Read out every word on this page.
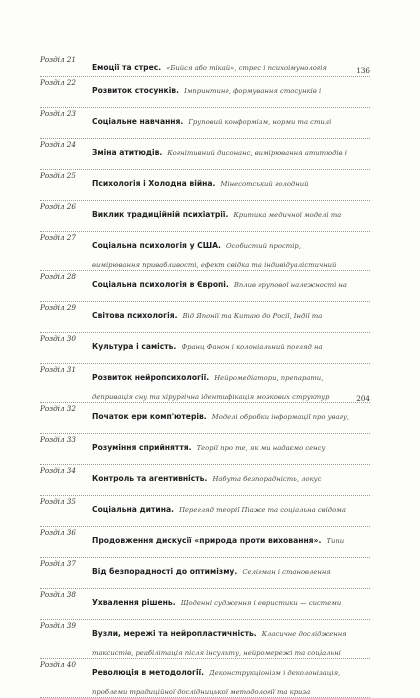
Розділ 21
Емоції та стрес. «Бийся або тікай», стрес і психоімунологія	136
Розділ 22
Розвиток стосунків. Імпринтинг, формування стосунків і
Розділ 23
Соціальне навчання. Груповий конформізм, норми та стилі
Розділ 24
Зміна атитюдів. Когнітивний дисонанс, вимірювання атитюдів і
Розділ 25
Психологія і Холодна війна. Мінесотський голодний
Розділ 26
Виклик традиційній психіатрії. Критика медичної моделі та
Розділ 27
Соціальна психологія у США. Особистий простір, вимірювання привабливості, ефект свідка та індивідуалістичний
Розділ 28
Соціальна психологія в Європі. Вплив групової належності на
Розділ 29
Світова психологія. Від Японії та Китаю до Росії, Індії та
Розділ 30
Культура і самість. Франц Фанон і колоніальний погляд на
Розділ 31
Розвиток нейропсихології. Нейромедіатори, препарати, депривація сну та хірургічна ідентифікація мозкових структур	204
Розділ 32
Початок ери комп'ютерів. Моделі обробки інформації про увагу,
Розділ 33
Розуміння сприйняття. Теорії про те, як ми надаємо сенсу
Розділ 34
Контроль та агентивність. Набута безпорадність, локус
Розділ 35
Соціальна дитина. Перегляд теорії Піаже та соціальна свідома
Розділ 36
Продовження дискусії «природа проти виховання». Типи
Розділ 37
Від безпорадності до оптимізму. Селігман і становлення
Розділ 38
Ухвалення рішень. Щоденні судження і евристики — системи
Розділ 39
Вузли, мережі та нейропластичність. Класичне дослідження таксистів, реабілітація після інсульту, нейромережі та соціальні
Розділ 40
Революція в методології. Деконструкціонізм і деколонізація, проблеми традиційної дослідницької методології та криза
